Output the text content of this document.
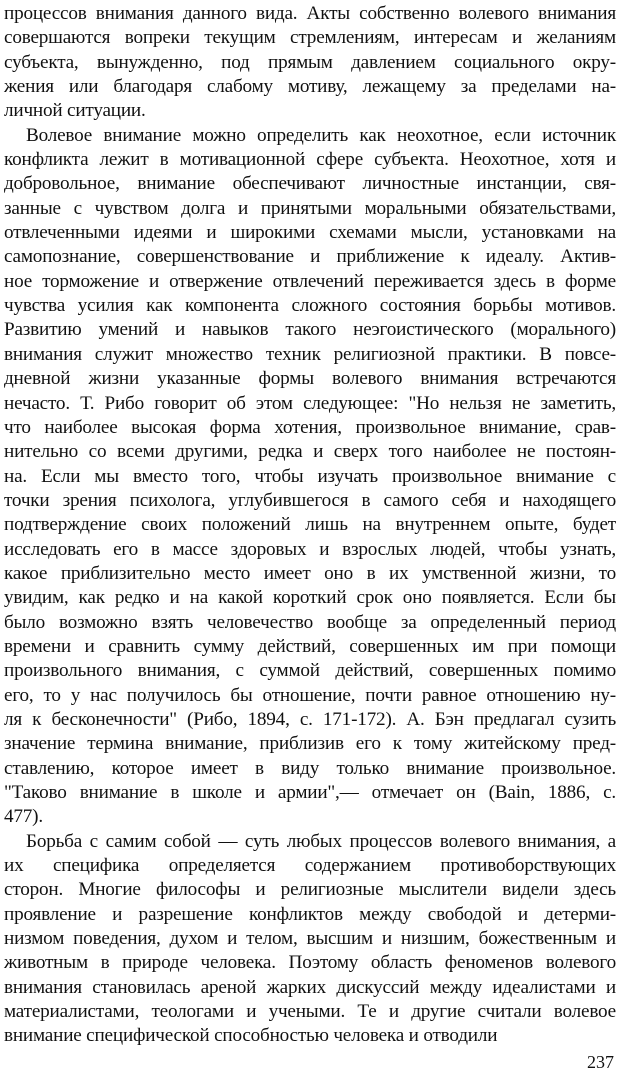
процессов внимания данного вида. Акты собственно волевого внимания
совершаются вопреки текущим стремлениям, интересам и желаниям
субъекта, вынужденно, под прямым давлением социального окру-
жения или благодаря слабому мотиву, лежащему за пределами на-
личной ситуации.
Волевое внимание можно определить как неохотное, если источник
конфликта лежит в мотивационной сфере субъекта. Неохотное, хотя и
добровольное, внимание обеспечивают личностные инстанции, свя-
занные с чувством долга и принятыми моральными обязательствами,
отвлеченными идеями и широкими схемами мысли, установками на
самопознание, совершенствование и приближение к идеалу. Актив-
ное торможение и отвержение отвлечений переживается здесь в форме
чувства усилия как компонента сложного состояния борьбы мотивов.
Развитию умений и навыков такого неэгоистического (морального)
внимания служит множество техник религиозной практики. В повсе-
дневной жизни указанные формы волевого внимания встречаются
нечасто. Т. Рибо говорит об этом следующее: "Но нельзя не заметить,
что наиболее высокая форма хотения, произвольное внимание, срав-
нительно со всеми другими, редка и сверх того наиболее не постоян-
на. Если мы вместо того, чтобы изучать произвольное внимание с
точки зрения психолога, углубившегося в самого себя и находящего
подтверждение своих положений лишь на внутреннем опыте, будет
исследовать его в массе здоровых и взрослых людей, чтобы узнать,
какое приблизительно место имеет оно в их умственной жизни, то
увидим, как редко и на какой короткий срок оно появляется. Если бы
было возможно взять человечество вообще за определенный период
времени и сравнить сумму действий, совершенных им при помощи
произвольного внимания, с суммой действий, совершенных помимо
его, то у нас получилось бы отношение, почти равное отношению ну-
ля к бесконечности" (Рибо, 1894, с. 171-172). А. Бэн предлагал сузить
значение термина внимание, приблизив его к тому житейскому пред-
ставлению, которое имеет в виду только внимание произвольное.
"Таково внимание в школе и армии",— отмечает он (Bain, 1886, с.
477).
Борьба с самим собой — суть любых процессов волевого внимания, а
их специфика определяется содержанием противоборствующих
сторон. Многие философы и религиозные мыслители видели здесь
проявление и разрешение конфликтов между свободой и детерми-
низмом поведения, духом и телом, высшим и низшим, божественным и
животным в природе человека. Поэтому область феноменов волевого
внимания становилась ареной жарких дискуссий между идеалистами и
материалистами, теологами и учеными. Те и другие считали волевое
внимание специфической способностью человека и отводили
237
